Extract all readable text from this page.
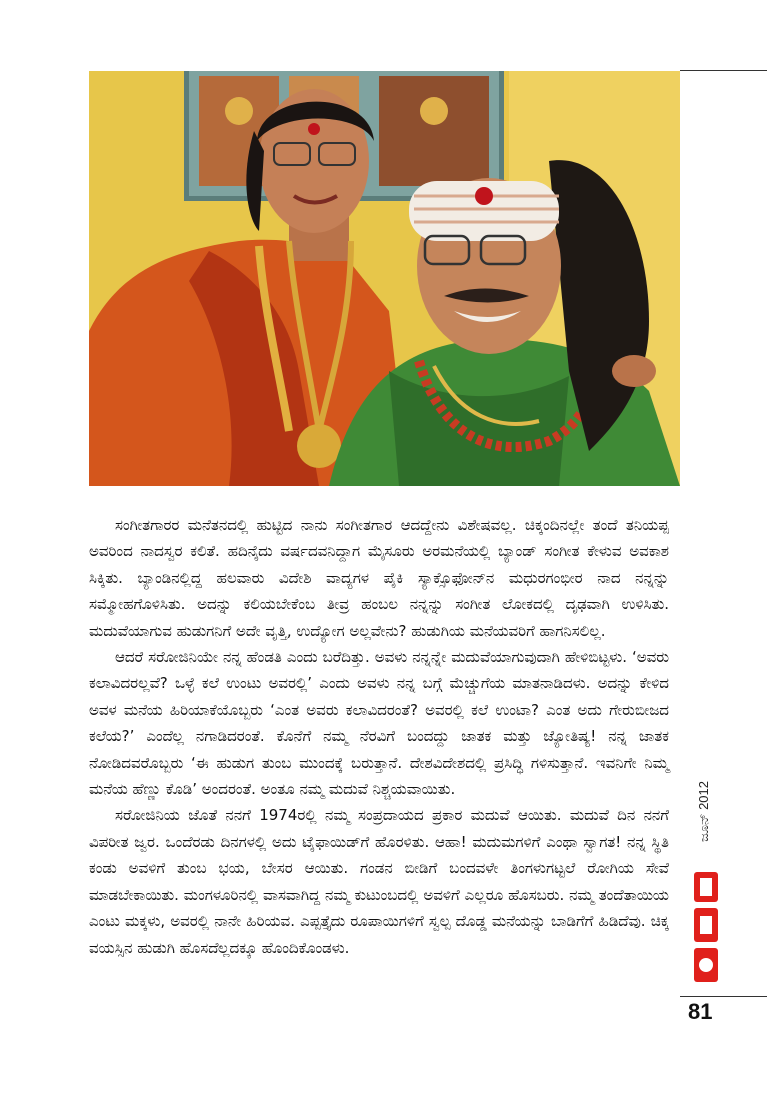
ಸಂಗೀತಗಾರರ ಮನೆತನದಲ್ಲಿ ಹುಟ್ಟಿದ ನಾನು ಸಂಗೀತಗಾರ ಆದದ್ದೇನು ವಿಶೇಷವಲ್ಲ. ಚಿಕ್ಕಂದಿನಲ್ಲೇ ತಂದೆ ತನಿಯಪ್ಪ ಅವರಿಂದ ನಾದಸ್ವರ ಕಲಿತೆ. ಹದಿನೈದು ವರ್ಷದವನಿದ್ದಾಗ ಮೈಸೂರು ಅರಮನೆಯಲ್ಲಿ ಬ್ಯಾಂಡ್ ಸಂಗೀತ ಕೇಳುವ ಅವಕಾಶ ಸಿಕ್ಕಿತು. ಬ್ಯಾಂಡಿನಲ್ಲಿದ್ದ ಹಲವಾರು ವಿದೇಶಿ ವಾದ್ಯಗಳ ಪೈಕಿ ಸ್ಯಾಕ್ಸೊಫೋನ್‌ನ ಮಧುರಗಂಭೀರ ನಾದ ನನ್ನನ್ನು ಸಮ್ಮೋಹಗೊಳಿಸಿತು. ಅದನ್ನು ಕಲಿಯಬೇಕೆಂಬ ತೀವ್ರ ಹಂಬಲ ನನ್ನನ್ನು ಸಂಗೀತ ಲೋಕದಲ್ಲಿ ದೃಢವಾಗಿ ಉಳಿಸಿತು. ಮದುವೆಯಾಗುವ ಹುಡುಗನಿಗೆ ಅದೇ ವೃತ್ತಿ, ಉದ್ಯೋಗ ಅಲ್ಲವೇನು? ಹುಡುಗಿಯ ಮನೆಯವರಿಗೆ ಹಾಗನಿಸಲಿಲ್ಲ.

ಆದರೆ ಸರೋಜಿನಿಯೇ ನನ್ನ ಹೆಂಡತಿ ಎಂದು ಬರೆದಿತ್ತು. ಅವಳು ನನ್ನನ್ನೇ ಮದುವೆಯಾಗುವುದಾಗಿ ಹೇಳಿಬಿಟ್ಟಳು. ‘ಅವರು ಕಲಾವಿದರಲ್ಲವೆ? ಒಳ್ಳೆ ಕಲೆ ಉಂಟು ಅವರಲ್ಲಿ’ ಎಂದು ಅವಳು ನನ್ನ ಬಗ್ಗೆ ಮೆಚ್ಚುಗೆಯ ಮಾತನಾಡಿದಳು. ಅದನ್ನು ಕೇಳಿದ ಅವಳ ಮನೆಯ ಹಿರಿಯಾಕೆಯೊಬ್ಬರು ‘ಎಂತ ಅವರು ಕಲಾವಿದರಂತೆ? ಅವರಲ್ಲಿ ಕಲೆ ಉಂಟಾ? ಎಂತ ಅದು ಗೇರುಬೀಜದ ಕಲೆಯ?’ ಎಂದೆಲ್ಲ ನಗಾಡಿದರಂತೆ. ಕೊನೆಗೆ ನಮ್ಮ ನೆರವಿಗೆ ಬಂದದ್ದು ಜಾತಕ ಮತ್ತು ಜ್ಯೋತಿಷ್ಯ! ನನ್ನ ಜಾತಕ ನೋಡಿದವರೊಬ್ಬರು ‘ಈ ಹುಡುಗ ತುಂಬ ಮುಂದಕ್ಕೆ ಬರುತ್ತಾನೆ. ದೇಶವಿದೇಶದಲ್ಲಿ ಪ್ರಸಿದ್ಧಿ ಗಳಿಸುತ್ತಾನೆ. ಇವನಿಗೇ ನಿಮ್ಮ ಮನೆಯ ಹೆಣ್ಣು ಕೊಡಿ’ ಅಂದರಂತೆ. ಅಂತೂ ನಮ್ಮ ಮದುವೆ ನಿಶ್ಚಯವಾಯಿತು.

ಸರೋಜಿನಿಯ ಜೊತೆ ನನಗೆ 1974ರಲ್ಲಿ ನಮ್ಮ ಸಂಪ್ರದಾಯದ ಪ್ರಕಾರ ಮದುವೆ ಆಯಿತು. ಮದುವೆ ದಿನ ನನಗೆ ವಿಪರೀತ ಜ್ವರ. ಒಂದೆರಡು ದಿನಗಳಲ್ಲಿ ಅದು ಟೈಫಾಯಿಡ್‌ಗೆ ಹೊರಳಿತು. ಆಹಾ! ಮದುಮಗಳಿಗೆ ಎಂಥಾ ಸ್ವಾಗತ! ನನ್ನ ಸ್ಥಿತಿ ಕಂಡು ಅವಳಿಗೆ ತುಂಬ ಭಯ, ಬೇಸರ ಆಯಿತು. ಗಂಡನ ಬೀಡಿಗೆ ಬಂದವಳೇ ತಿಂಗಳುಗಟ್ಟಲೆ ರೋಗಿಯ ಸೇವೆ ಮಾಡಬೇಕಾಯಿತು. ಮಂಗಳೂರಿನಲ್ಲಿ ವಾಸವಾಗಿದ್ದ ನಮ್ಮ ಕುಟುಂಬದಲ್ಲಿ ಅವಳಿಗೆ ಎಲ್ಲರೂ ಹೊಸಬರು. ನಮ್ಮ ತಂದೆತಾಯಿಯ ಎಂಟು ಮಕ್ಕಳು, ಅವರಲ್ಲಿ ನಾನೇ ಹಿರಿಯವ. ಎಪ್ಪತ್ತೈದು ರೂಪಾಯಿಗಳಿಗೆ ಸ್ವಲ್ಪ ದೊಡ್ಡ ಮನೆಯನ್ನು ಬಾಡಿಗೆಗೆ ಹಿಡಿದೆವು. ಚಿಕ್ಕ ವಯಸ್ಸಿನ ಹುಡುಗಿ ಹೊಸದೆಲ್ಲದಕ್ಕೂ ಹೊಂದಿಕೊಂಡಳು.

ಜೂನ್ 2012
81
